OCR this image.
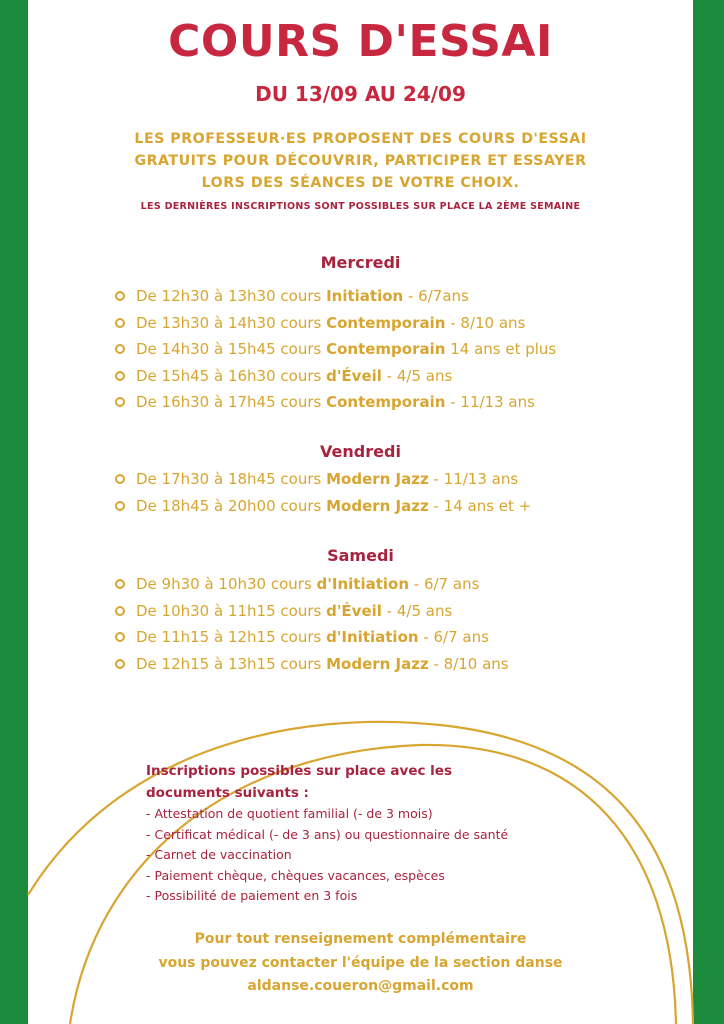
COURS D'ESSAI
DU 13/09 AU 24/09
LES PROFESSEUR·ES PROPOSENT DES COURS D'ESSAI
GRATUITS POUR DÉCOUVRIR, PARTICIPER ET ESSAYER
LORS DES SÉANCES DE VOTRE CHOIX.
LES DERNIÈRES INSCRIPTIONS SONT POSSIBLES SUR PLACE LA 2ÈME SEMAINE
Mercredi
De 12h30 à 13h30 cours Initiation - 6/7ans
De 13h30 à 14h30 cours Contemporain - 8/10 ans
De 14h30 à 15h45 cours Contemporain 14 ans et plus
De 15h45 à 16h30 cours d'Éveil - 4/5 ans
De 16h30 à 17h45 cours Contemporain - 11/13 ans
Vendredi
De 17h30 à 18h45 cours Modern Jazz - 11/13 ans
De 18h45 à 20h00 cours Modern Jazz - 14 ans et +
Samedi
De 9h30 à 10h30 cours d'Initiation - 6/7 ans
De 10h30 à 11h15 cours d'Éveil - 4/5 ans
De 11h15 à 12h15 cours d'Initiation - 6/7 ans
De 12h15 à 13h15 cours Modern Jazz - 8/10 ans
Inscriptions possibles sur place avec les
documents suivants :
- Attestation de quotient familial (- de 3 mois)
- Certificat médical (- de 3 ans) ou questionnaire de santé
- Carnet de vaccination
- Paiement chèque, chèques vacances, espèces
- Possibilité de paiement en 3 fois
Pour tout renseignement complémentaire
vous pouvez contacter l'équipe de la section danse
aldanse.coueron@gmail.com
